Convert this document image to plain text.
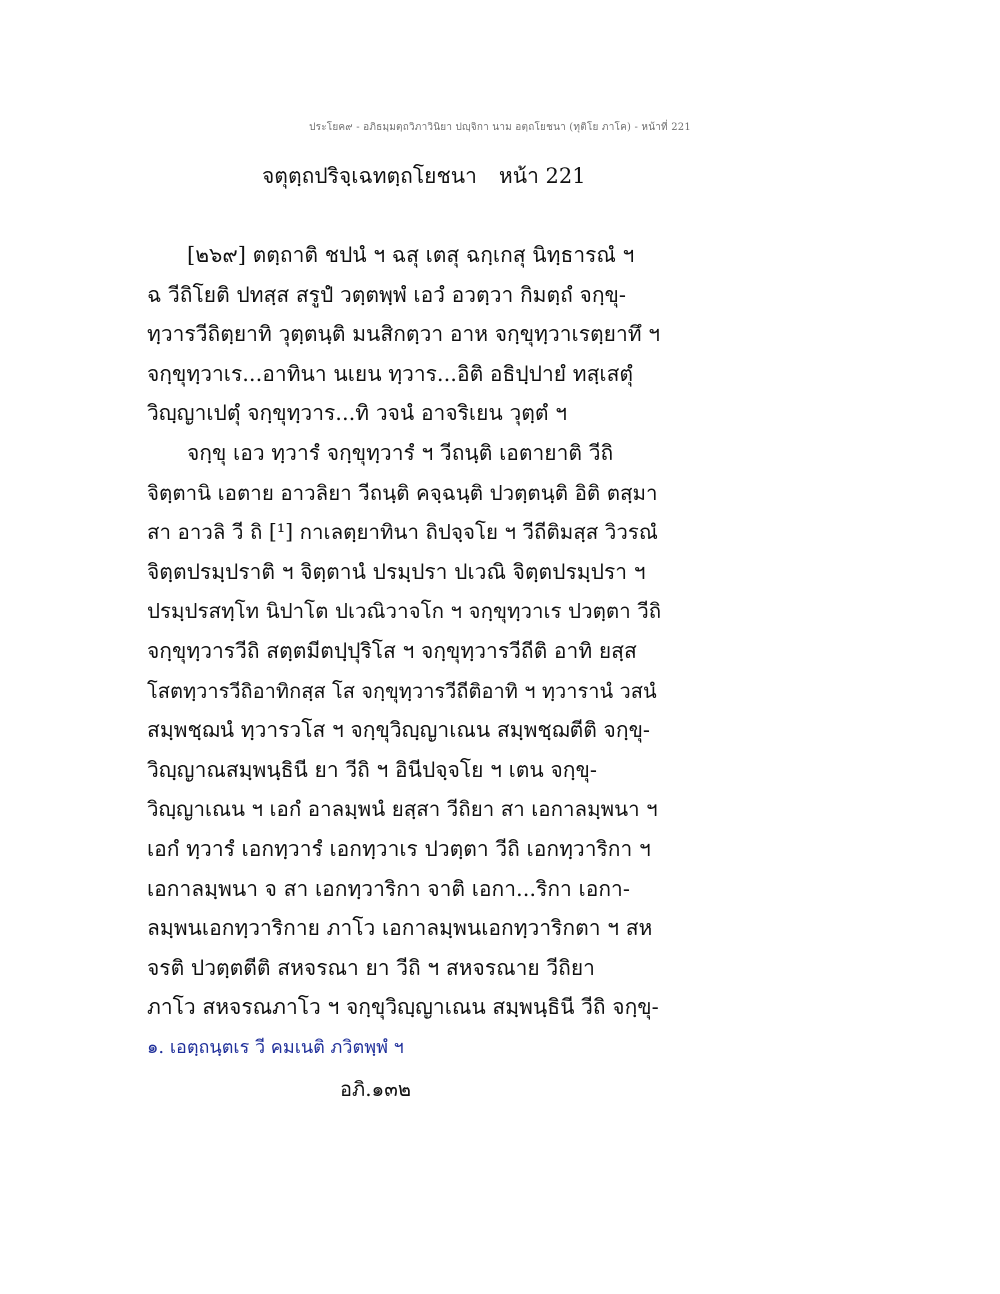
ประโยค๙ - อภิธมฺมตฺถวิภาวินิยา ปญฺจิกา นาม อตฺถโยชนา (ทุติโย ภาโค) - หน้าที่ 221
จตุตฺถปริจฺเฉทตฺถโยชนา หน้า 221
[๒๖๙] ตตฺถาติ ชปนํ ฯ ฉสุ เตสุ ฉกฺเกสุ นิทฺธารณํ ฯ
ฉ วีถิโยติ ปทสฺส สรูปํ วตฺตพฺพํ เอวํ อวตฺวา กิมตฺถํ จกฺขุ-
ทฺวารวีถิตฺยาทิ วุตฺตนฺติ มนสิกตฺวา อาห จกฺขุทฺวาเรตฺยาทึ ฯ
จกฺขุทฺวาเร...อาทินา นเยน ทฺวาร...อิติ อธิปฺปายํ ทสฺเสตุํ
วิญฺญาเปตุํ จกฺขุทฺวาร...ทิ วจนํ อาจริเยน วุตฺตํ ฯ
จกฺขุ เอว ทฺวารํ จกฺขุทฺวารํ ฯ วีถนฺติ เอตายาติ วีถิ
จิตฺตานิ เอตาย อาวลิยา วีถนฺติ คจฺฉนฺติ ปวตฺตนฺติ อิติ ตสฺมา
สา อาวลิ วี ถิ [¹] กาเลตฺยาทินา ถิปจฺจโย ฯ วีถีติมสฺส วิวรณํ
จิตฺตปรมฺปราติ ฯ จิตฺตานํ ปรมฺปรา ปเวณิ จิตฺตปรมฺปรา ฯ
ปรมฺปรสทฺโท นิปาโต ปเวณิวาจโก ฯ จกฺขุทฺวาเร ปวตฺตา วีถิ
จกฺขุทฺวารวีถิ สตฺตมีตปฺปุริโส ฯ จกฺขุทฺวารวีถีติ อาทิ ยสฺส
โสตทฺวารวีถิอาทิกสฺส โส จกฺขุทฺวารวีถีติอาทิ ฯ ทฺวารานํ วสนํ
สมฺพชฺฌนํ ทฺวารวโส ฯ จกฺขุวิญฺญาเณน สมฺพชฺฌตีติ จกฺขุ-
วิญฺญาณสมฺพนฺธินี ยา วีถิ ฯ อินีปจฺจโย ฯ เตน จกฺขุ-
วิญฺญาเณน ฯ เอกํ อาลมฺพนํ ยสฺสา วีถิยา สา เอกาลมฺพนา ฯ
เอกํ ทฺวารํ เอกทฺวารํ เอกทฺวาเร ปวตฺตา วีถิ เอกทฺวาริกา ฯ
เอกาลมฺพนา จ สา เอกทฺวาริกา จาติ เอกา...ริกา เอกา-
ลมฺพนเอกทฺวาริกาย ภาโว เอกาลมฺพนเอกทฺวาริกตา ฯ สห
จรติ ปวตฺตตีติ สหจรณา ยา วีถิ ฯ สหจรณาย วีถิยา
ภาโว สหจรณภาโว ฯ จกฺขุวิญฺญาเณน สมฺพนฺธินี วีถิ จกฺขุ-
๑. เอตฺถนฺตเร วี คมเนติ ภวิตพฺพํ ฯ
อภิ.๑๓๒
